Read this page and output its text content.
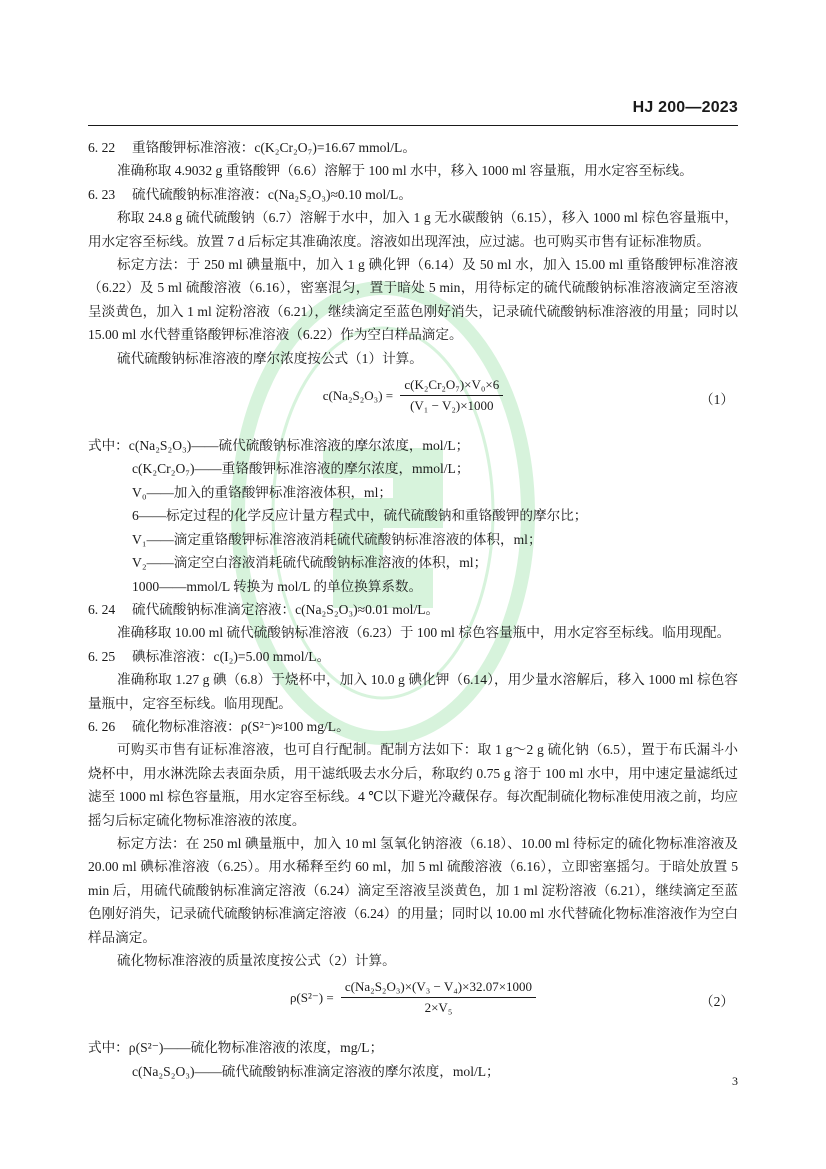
HJ 200—2023

6. 22 重铬酸钾标准溶液：c(K₂Cr₂O₇)=16.67 mmol/L。

准确称取 4.9032 g 重铬酸钾（6.6）溶解于 100 ml 水中，移入 1000 ml 容量瓶，用水定容至标线。

6. 23 硫代硫酸钠标准溶液：c(Na₂S₂O₃)≈0.10 mol/L。

称取 24.8 g 硫代硫酸钠（6.7）溶解于水中，加入 1 g 无水碳酸钠（6.15），移入 1000 ml 棕色容量瓶中，用水定容至标线。放置 7 d 后标定其准确浓度。溶液如出现浑浊，应过滤。也可购买市售有证标准物质。

标定方法：于 250 ml 碘量瓶中，加入 1 g 碘化钾（6.14）及 50 ml 水，加入 15.00 ml 重铬酸钾标准溶液（6.22）及 5 ml 硫酸溶液（6.16），密塞混匀，置于暗处 5 min，用待标定的硫代硫酸钠标准溶液滴定至溶液呈淡黄色，加入 1 ml 淀粉溶液（6.21），继续滴定至蓝色刚好消失，记录硫代硫酸钠标准溶液的用量；同时以 15.00 ml 水代替重铬酸钾标准溶液（6.22）作为空白样品滴定。

硫代硫酸钠标准溶液的摩尔浓度按公式（1）计算。

$c(Na_2S_2O_3) = \frac{\text{c(K₂Cr₂O₇)×V₀×6}}{\text{(V₁ − V₂)×1000}}$	（1）

式中：c(Na₂S₂O₃)——硫代硫酸钠标准溶液的摩尔浓度，mol/L；

c(K₂Cr₂O₇)——重铬酸钾标准溶液的摩尔浓度，mmol/L；

V₀——加入的重铬酸钾标准溶液体积，ml；

6——标定过程的化学反应计量方程式中，硫代硫酸钠和重铬酸钾的摩尔比；

V₁——滴定重铬酸钾标准溶液消耗硫代硫酸钠标准溶液的体积，ml；

V₂——滴定空白溶液消耗硫代硫酸钠标准溶液的体积，ml；

1000——mmol/L 转换为 mol/L 的单位换算系数。

6. 24 硫代硫酸钠标准滴定溶液：c(Na₂S₂O₃)≈0.01 mol/L。

准确移取 10.00 ml 硫代硫酸钠标准溶液（6.23）于 100 ml 棕色容量瓶中，用水定容至标线。临用现配。

6. 25 碘标准溶液：c(I₂)=5.00 mmol/L。

准确称取 1.27 g 碘（6.8）于烧杯中，加入 10.0 g 碘化钾（6.14），用少量水溶解后，移入 1000 ml 棕色容量瓶中，定容至标线。临用现配。

6. 26 硫化物标准溶液：ρ(S²⁻)≈100 mg/L。

可购买市售有证标准溶液，也可自行配制。配制方法如下：取 1 g～2 g 硫化钠（6.5），置于布氏漏斗小烧杯中，用水淋洗除去表面杂质，用干滤纸吸去水分后，称取约 0.75 g 溶于 100 ml 水中，用中速定量滤纸过滤至 1000 ml 棕色容量瓶，用水定容至标线。4 ℃以下避光冷藏保存。每次配制硫化物标准使用液之前，均应摇匀后标定硫化物标准溶液的浓度。

标定方法：在 250 ml 碘量瓶中，加入 10 ml 氢氧化钠溶液（6.18）、10.00 ml 待标定的硫化物标准溶液及 20.00 ml 碘标准溶液（6.25）。用水稀释至约 60 ml，加 5 ml 硫酸溶液（6.16），立即密塞摇匀。于暗处放置 5 min 后，用硫代硫酸钠标准滴定溶液（6.24）滴定至溶液呈淡黄色，加 1 ml 淀粉溶液（6.21），继续滴定至蓝色刚好消失，记录硫代硫酸钠标准滴定溶液（6.24）的用量；同时以 10.00 ml 水代替硫化物标准溶液作为空白样品滴定。

硫化物标准溶液的质量浓度按公式（2）计算。

$\rho(S^{2-}) = \frac{\text{c(Na₂S₂O₃)×(V₃ − V₄)×32.07×1000}}{\text{2×V₅}}$	（2）

式中：ρ(S²⁻)——硫化物标准溶液的浓度，mg/L；

c(Na₂S₂O₃)——硫代硫酸钠标准滴定溶液的摩尔浓度，mol/L；

3
